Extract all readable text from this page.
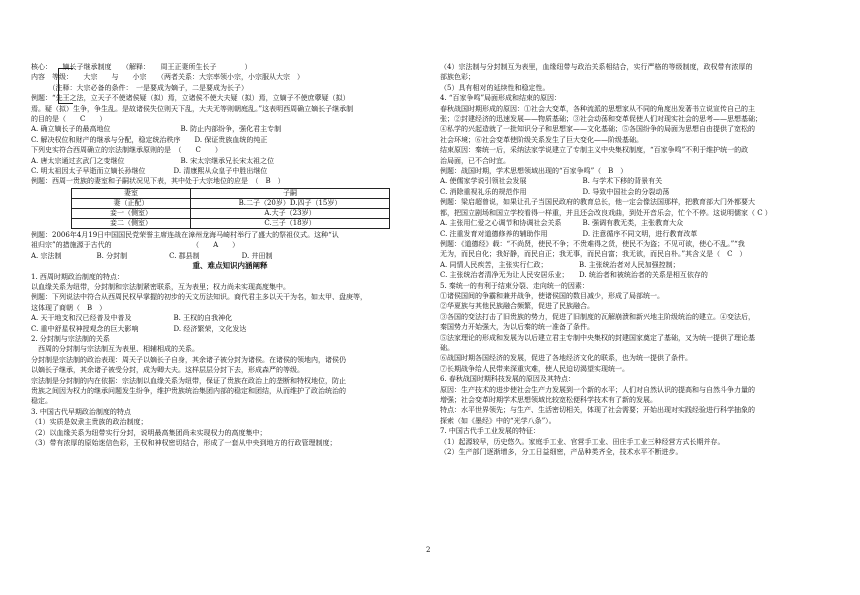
核心：　　嫡长子继承制度　　（解释：　　周王正妻所生长子　　　　）

内容　等级：　　大宗　　与　　小宗　　（两者关系：大宗率领小宗，小宗服从大宗　）

　　　（注释：大宗必备的条件：　一是要成为嫡子，二是要成为长子）

例题：“先王之法，立天子不使诸侯疑（拟）焉，立诸侯不使大夫疑（拟）焉，立嫡子不使庶孽疑（拟）

焉。疑（拟）生争，争生乱。是故诸侯失位则天下乱，大夫无等则朝庭乱。”这表明西周确立嫡长子继承制

的目的是（　　C　　）

A. 确立嫡长子的最高地位　　　　　　　　　　B. 防止内部纷争，强化君主专制

C. 解决权位和财产的继承与分配，稳定统治秩序　　D. 保证贵族血统的纯正

下列史实符合西周确立的宗法制继承原则的是　（　　C　　）

A. 唐太宗通过玄武门之变继位　　　　　　　　B. 宋太宗继承兄长宋太祖之位

C. 明太祖因太子早逝而立嫡长孙继位　　　　D. 清康熙从众皇子中胜出继位

例题：西周一贵族的妻室和子嗣状况见下表，其中处于大宗地位的应是　（　B　）

妻室	子嗣
妻（正配）	B.二子（20岁）D.四子（15岁）
妾一（侧室）	A.大子（23岁）
妾二（侧室）	C.三子（18岁）

例题：2006年4月19日中国国民党荣誉主席连战在漳州龙海马崎村举行了盛大的祭祖仪式。这种“认

祖归宗”的措施源于古代的　　　　　　　　　　　　（　　A　　）

A. 宗法制　　　　　B. 分封制　　　　　　C. 郡县制　　　　　　D. 井田制

重、难点知识内涵阐释

1. 西周时期政治制度的特点：

以血缘关系为纽带，分封制和宗法制紧密联系，互为表里；权力尚未实现高度集中。

例题：下列说法中符合从西周民权早掌握的初步的天文历法知识。商代君主多以天干为名，如太甲、盘庚等，

这体现了商朝（　B　）

A. 天干地支和汉已经普及中普及　　　　　　B. 王权的自我神化

C. 重中舒星权神授观念的巨大影响　　　　　D. 经济繁荣，文化发达

2. 分封制与宗法制的关系

　西周的分封制与宗法制互为表里、相辅相成的关系。

分封制是宗法制的政治表现：周天子以嫡长子自身，其余诸子被分封为诸侯。在诸侯的领地内，诸侯仍

以嫡长子继承，其余诸子被受分封，成为卿大夫。这样层层分封下去，形成森严的等级。

宗法制是分封制的内在依据：宗法制以血缘关系为纽带，保证了贵族在政治上的垄断和特权地位，防止

贵族之间因为权力的继承问题发生纷争，维护贵族统治集团内部的稳定和团结，从而维护了政治统治的

稳定。

3. 中国古代早期政治制度的特点

（1）实质是奴隶主贵族的政治制度；

（2）以血缘关系为纽带实行分封，说明最高集团尚未实现权力的高度集中；

（3）带有浓厚的原始迷信色彩，王权和神权密切结合，形成了一套从中央到地方的行政管理制度；

（4）宗法制与分封制互为表里，血缘纽带与政治关系相结合，实行严格的等级制度，政权带有浓厚的

部族色彩；

（5）具有相对的延续性和稳定性。

4. “百家争鸣”局面形成和结束的原因：

春秋战国时期形成的原因：①社会大变革，各种流派的思想家从不同的角度出发著书立说宣传自己的主

张；②封建经济的迅速发展——物质基础；③社会动荡和变革促使人们对现实社会的思考——思想基础；

④私学的兴起造就了一批知识分子和思想家——文化基础；⑤各国纷争的局面为思想自由提供了宽松的

社会环境；⑥社会变革使阶级关系发生了巨大变化——阶级基础。

结束原因：秦统一后，采纳法家学说建立了专制主义中央集权制度，“百家争鸣”不利于维护统一的政

治局面，已不合时宜。

例题：战国时期，学术思想领域出现的“百家争鸣”（　B　）

A. 使儒家学说引领社会发展　　　　　　　　B. 与学术下移的背景有关

C. 消除重视礼乐的规范作用　　　　　　　　D. 导致中国社会的分裂动荡

例题：梁启超曾说，如果让孔子当国民政府的教育总长，他一定会像法国那样，把教育部大门外都要大

都，把国立剧场和国立学校看得一样重，并且还会改良戏曲，到处开音乐会，忙个不停。这说明儒家（ C ）

A. 主张用仁爱之心调节和协调社会关系　　　B. 强调有教无类，主张教育大众

C. 注重发育对道德修养的辅助作用　　　　　D. 注意循序不同文明，进行教育改革

例题：《道德经》载：“不尚贤，使民不争；不贵难得之货，使民不为盗；不见可欲，使心不乱。”“我

无为，而民自化；我好静，而民自正；我无事，而民自富；我无欲，而民自朴。”其含义是（　C　）

A. 同情人民疾苦，主张实行仁政；　　　　　B. 主张统治者对人民加强控制；

C. 主张统治者清净无为让人民安居乐业；　　D. 统治者和被统治者的关系是相互依存的

5. 秦统一的有利于结束分裂、走向统一的因素：

①诸侯国间的争霸和兼并战争，使诸侯国的数目减少，形成了局部统一。

②华夏族与其他民族融合频繁，促进了民族融合。

③各国的变法打击了旧贵族的势力，促进了旧制度的瓦解崩溃和新兴地主阶级统治的建立。④变法后，

秦国势力开始强大，为以后秦的统一准备了条件。

⑤法家理论的形成和发展为以后建立君主专制中央集权的封建国家奠定了基础，又为统一提供了理论基

础。

⑥战国时期各国经济的发展，促进了各地经济文化的联系，也为统一提供了条件。

⑦长期战争给人民带来深重灾难，使人民迫切渴望实现统一。

6. 春秋战国时期科技发展的原因及其特点：

原因：生产技术的进步使社会生产力发展到一个新的水平；人们对自然认识的提高和与自然斗争力量的

增强；社会变革时期学术思想领域比较宽松便科学技术有了新的发展。

特点：水平世界领先；与生产、生活密切相关，体现了社会需要；开始出现对实践经验进行科学抽象的

探索（如《墨经》中的“光学八条”）。

7. 中国古代手工业发展的特征：

（1）起源较早，历史悠久。家庭手工业、官营手工业、田庄手工业三种经营方式长期并存。

（2）生产部门逐渐增多，分工日益细密，产品种类齐全，技术水平不断进步。

2
